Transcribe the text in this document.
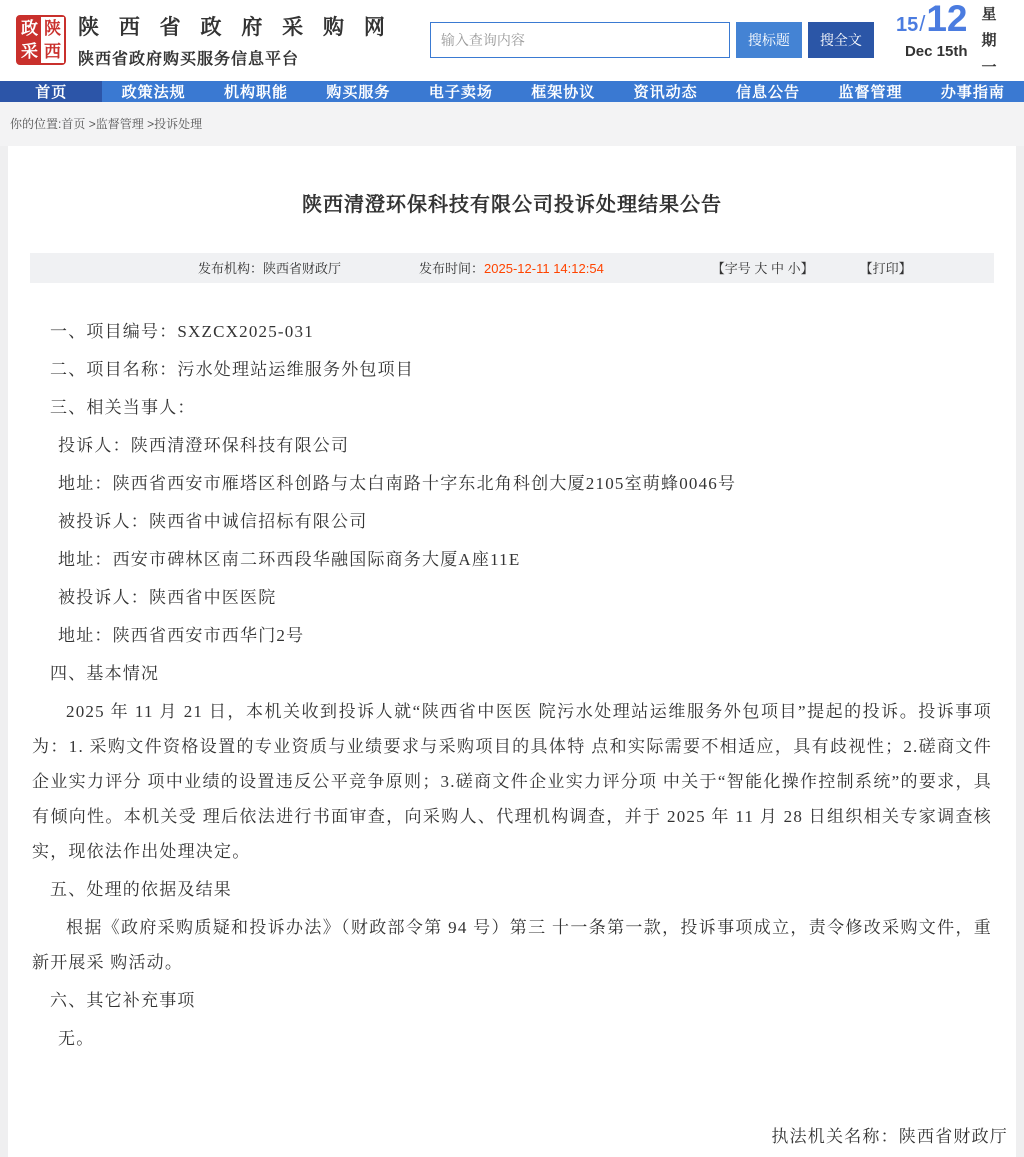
政 陕
采 西
陕 西 省 政 府 采 购 网
陕西省政府购买服务信息平台
输入查询内容
搜标题	搜全文
15/12
Dec 15th
星期一
首页	政策法规	机构职能	购买服务	电子卖场	框架协议	资讯动态	信息公告	监督管理	办事指南
你的位置: 首页 >监督管理 >投诉处理
陕西清澄环保科技有限公司投诉处理结果公告
发布机构：陕西省财政厅	发布时间：2025-12-11 14:12:54	【字号 大 中 小】	【打印】

一、项目编号：SXZCX2025-031

二、项目名称：污水处理站运维服务外包项目

三、相关当事人：

投诉人：陕西清澄环保科技有限公司

地址：陕西省西安市雁塔区科创路与太白南路十字东北角科创大厦2105室萌蜂0046号

被投诉人：陕西省中诚信招标有限公司

地址：西安市碑林区南二环西段华融国际商务大厦A座11E

被投诉人：陕西省中医医院

地址：陕西省西安市西华门2号

四、基本情况

2025 年 11 月 21 日，本机关收到投诉人就“陕西省中医医 院污水处理站运维服务外包项目”提起的投诉。投诉事项为：1. 采购文件资格设置的专业资质与业绩要求与采购项目的具体特 点和实际需要不相适应，具有歧视性；2.磋商文件企业实力评分 项中业绩的设置违反公平竞争原则；3.磋商文件企业实力评分项 中关于“智能化操作控制系统”的要求，具有倾向性。本机关受 理后依法进行书面审查，向采购人、代理机构调查，并于 2025 年 11 月 28 日组织相关专家调查核实，现依法作出处理决定。

五、处理的依据及结果

根据《政府采购质疑和投诉办法》（财政部令第 94 号）第三 十一条第一款，投诉事项成立，责令修改采购文件，重新开展采 购活动。

六、其它补充事项

无。

执法机关名称：陕西省财政厅
